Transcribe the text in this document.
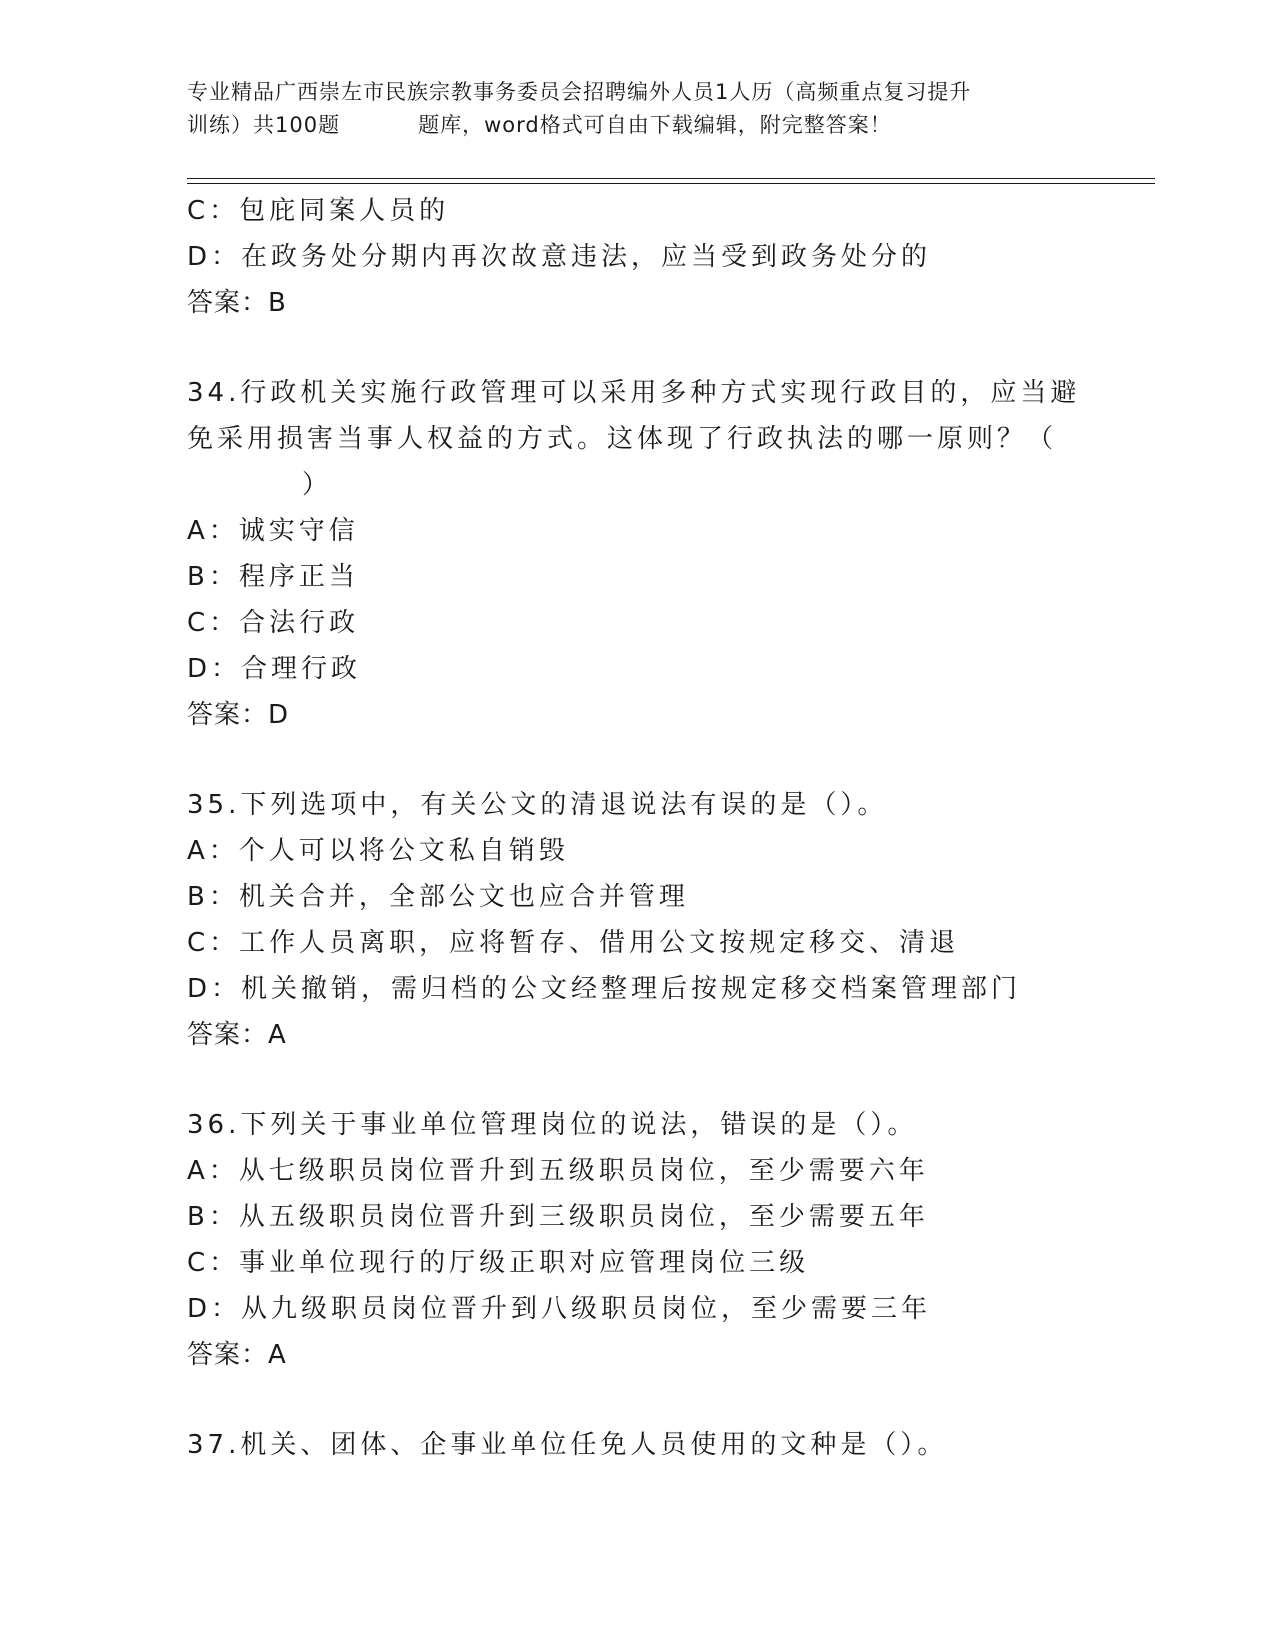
专业精品广西崇左市民族宗教事务委员会招聘编外人员1人历（高频重点复习提升
训练）共100题	题库，word格式可自由下载编辑，附完整答案！
C：包庇同案人员的
D：在政务处分期内再次故意违法，应当受到政务处分的
答案：B
34.行政机关实施行政管理可以采用多种方式实现行政目的，应当避免采用损害当事人权益的方式。这体现了行政执法的哪一原则？（
）
A：诚实守信
B：程序正当
C：合法行政
D：合理行政
答案：D
35.下列选项中，有关公文的清退说法有误的是（）。
A：个人可以将公文私自销毁
B：机关合并，全部公文也应合并管理
C：工作人员离职，应将暂存、借用公文按规定移交、清退
D：机关撤销，需归档的公文经整理后按规定移交档案管理部门
答案：A
36.下列关于事业单位管理岗位的说法，错误的是（）。
A：从七级职员岗位晋升到五级职员岗位，至少需要六年
B：从五级职员岗位晋升到三级职员岗位，至少需要五年
C：事业单位现行的厅级正职对应管理岗位三级
D：从九级职员岗位晋升到八级职员岗位，至少需要三年
答案：A
37.机关、团体、企事业单位任免人员使用的文种是（）。
